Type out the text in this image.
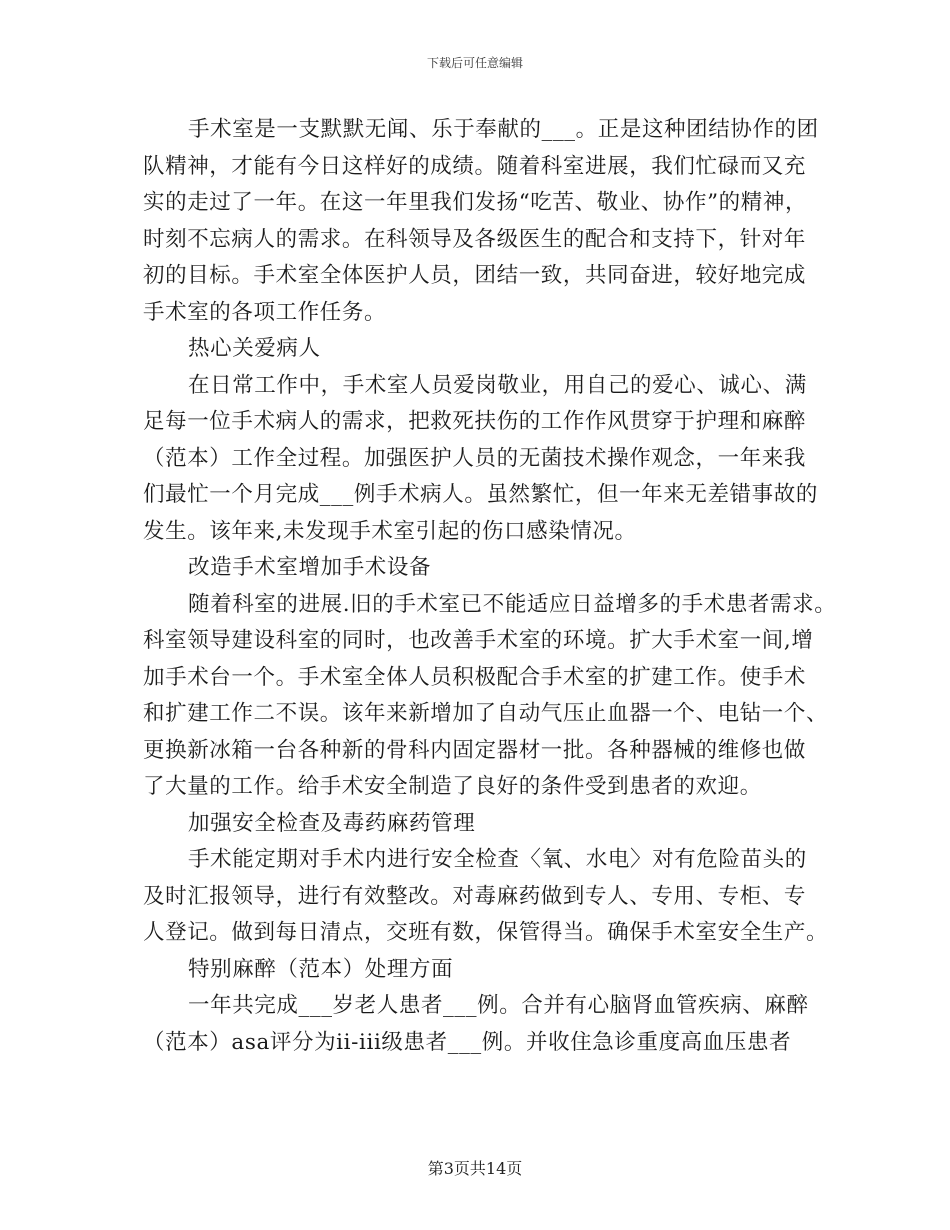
下载后可任意编辑
手术室是一支默默无闻、乐于奉献的___。正是这种团结协作的团
队精神，才能有今日这样好的成绩。随着科室进展，我们忙碌而又充
实的走过了一年。在这一年里我们发扬“吃苦、敬业、协作”的精神，
时刻不忘病人的需求。在科领导及各级医生的配合和支持下，针对年
初的目标。手术室全体医护人员，团结一致，共同奋进，较好地完成
手术室的各项工作任务。
热心关爱病人
在日常工作中，手术室人员爱岗敬业，用自己的爱心、诚心、满
足每一位手术病人的需求，把救死扶伤的工作作风贯穿于护理和麻醉
（范本）工作全过程。加强医护人员的无菌技术操作观念，一年来我
们最忙一个月完成___例手术病人。虽然繁忙，但一年来无差错事故的
发生。该年来,未发现手术室引起的伤口感染情况。
改造手术室增加手术设备
随着科室的进展.旧的手术室已不能适应日益增多的手术患者需求。
科室领导建设科室的同时，也改善手术室的环境。扩大手术室一间,增
加手术台一个。手术室全体人员积极配合手术室的扩建工作。使手术
和扩建工作二不误。该年来新增加了自动气压止血器一个、电钻一个、
更换新冰箱一台各种新的骨科内固定器材一批。各种器械的维修也做
了大量的工作。给手术安全制造了良好的条件受到患者的欢迎。
加强安全检查及毒药麻药管理
手术能定期对手术内进行安全检查〈氧、水电〉对有危险苗头的
及时汇报领导，进行有效整改。对毒麻药做到专人、专用、专柜、专
人登记。做到每日清点，交班有数，保管得当。确保手术室安全生产。
特别麻醉（范本）处理方面
一年共完成___岁老人患者___例。合并有心脑肾血管疾病、麻醉
（范本）asa评分为ii-iii级患者___例。并收住急诊重度高血压患者
第3页共14页
